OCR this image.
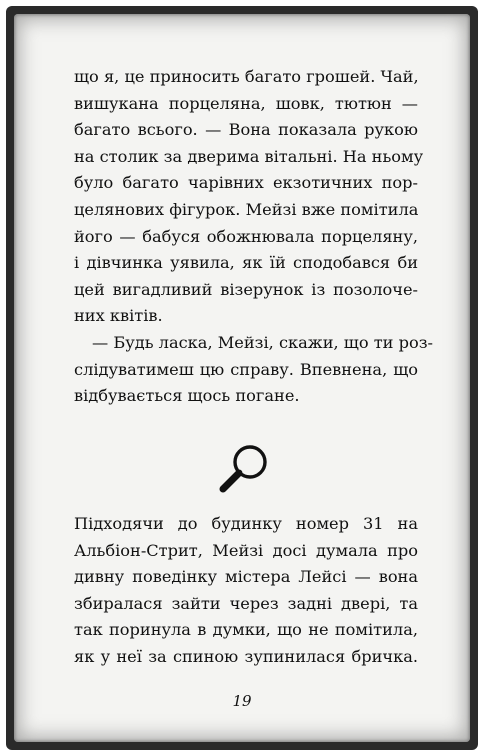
що я, це приносить багато грошей. Чай,
вишукана порцеляна, шовк, тютюн —
багато всього. — Вона показала рукою
на столик за дверима вітальні. На ньому
було багато чарівних екзотичних пор-
целянових фігурок. Мейзі вже помітила
його — бабуся обожнювала порцеляну,
і дівчинка уявила, як їй сподобався би
цей вигадливий візерунок із позолоче-
них квітів.

— Будь ласка, Мейзі, скажи, що ти роз-
слідуватимеш цю справу. Впевнена, що
відбувається щось погане.

Підходячи до будинку номер 31 на
Альбіон-Стрит, Мейзі досі думала про
дивну поведінку містера Лейсі — вона
збиралася зайти через задні двері, та
так поринула в думки, що не помітила,
як у неї за спиною зупинилася бричка.

19
